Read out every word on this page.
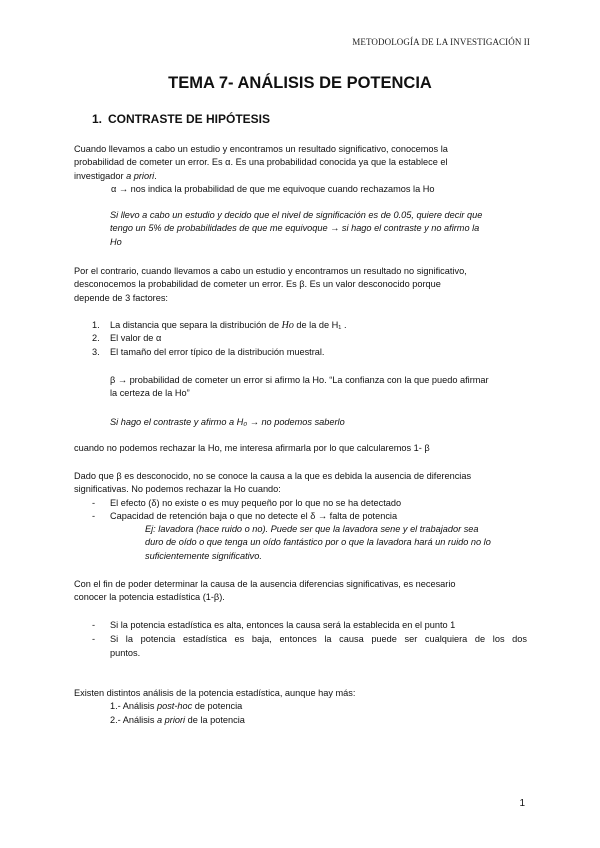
METODOLOGÍA DE LA INVESTIGACIÓN II
TEMA 7- ANÁLISIS DE POTENCIA
1. CONTRASTE DE HIPÓTESIS
Cuando llevamos a cabo un estudio y encontramos un resultado significativo, conocemos la
probabilidad de cometer un error. Es α. Es una probabilidad conocida ya que la establece el
investigador a priori.
α → nos indica la probabilidad de que me equivoque cuando rechazamos la Ho
Si llevo a cabo un estudio y decido que el nivel de significación es de 0.05, quiere decir que
tengo un 5% de probabilidades de que me equivoque → si hago el contraste y no afirmo la
Ho
Por el contrario, cuando llevamos a cabo un estudio y encontramos un resultado no significativo,
desconocemos la probabilidad de cometer un error. Es β. Es un valor desconocido porque
depende de 3 factores:
1. La distancia que separa la distribución de Ho de la de H₁ .
2. El valor de α
3. El tamaño del error típico de la distribución muestral.
β → probabilidad de cometer un error si afirmo la Ho. “La confianza con la que puedo afirmar
la certeza de la Ho”
Si hago el contraste y afirmo a H₀ → no podemos saberlo
cuando no podemos rechazar la Ho, me interesa afirmarla por lo que calcularemos 1- β
Dado que β es desconocido, no se conoce la causa a la que es debida la ausencia de diferencias
significativas. No podemos rechazar la Ho cuando:
-	El efecto (δ) no existe o es muy pequeño por lo que no se ha detectado
-	Capacidad de retención baja o que no detecte el δ → falta de potencia
Ej: lavadora (hace ruido o no). Puede ser que la lavadora sene y el trabajador sea
duro de oído o que tenga un oído fantástico por o que la lavadora hará un ruido no lo
suficientemente significativo.
Con el fin de poder determinar la causa de la ausencia diferencias significativas, es necesario
conocer la potencia estadística (1-β).
-	Si la potencia estadística es alta, entonces la causa será la establecida en el punto 1
-	Si la potencia estadística es baja, entonces la causa puede ser cualquiera de los dos
puntos.
Existen distintos análisis de la potencia estadística, aunque hay más:
1.- Análisis post-hoc de potencia
2.- Análisis a priori de la potencia
1
